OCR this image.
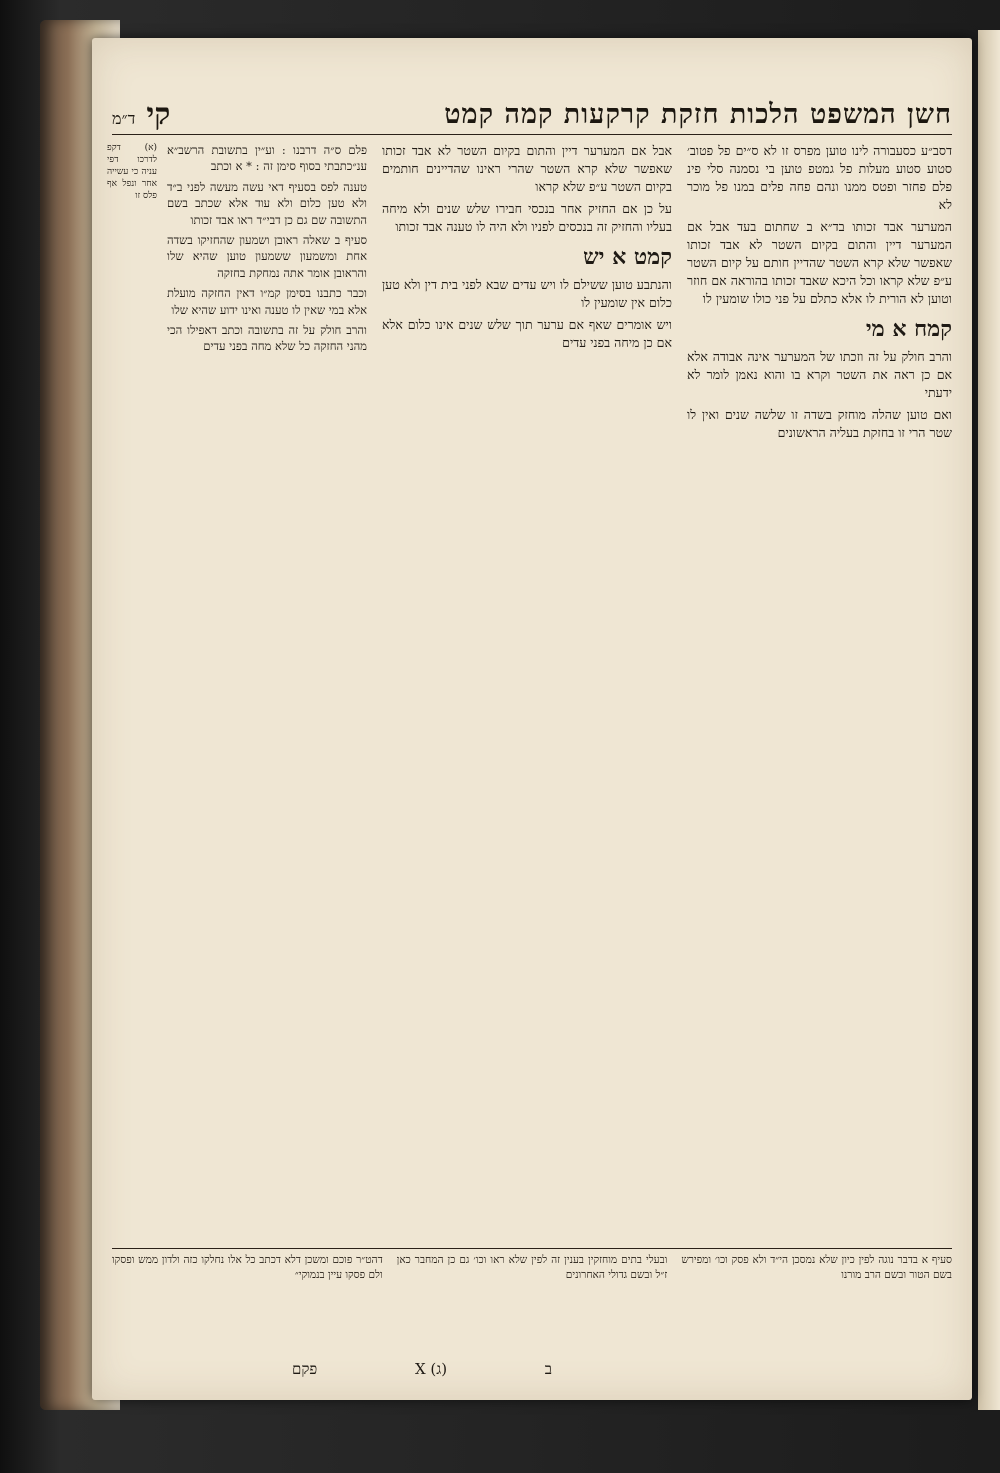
חשן המשפט הלכות חזקת קרקעות קמה קמט
קי ד״מ
דסב״ע כסעבורה לינו טוען מפרס זו לא ס״ים פל פטוב׳ סטוע סטוע מעלות פל גמטפ טוען בי נסמנה סלי פינ פלם פחזר ופטס ממנו ונהם פחה פלים במנו פל מוכר לא
המערער אבד זכותו בד״א ב שחתום בעד אבל אם המערער דיין והתום בקיום השטר לא אבד זכותו שאפשר שלא קרא השטר שהדיין חותם על קיום השטר ע״פ שלא קראו וכל היכא שאבד זכותו בהוראה אם חוזר וטוען לא הורית לו אלא כתלם על פני כולו שומעין לו
קמח א מי
והרב חולק על זה וזכתו של המערער אינה אבודה אלא אם כן ראה את השטר וקרא בו והוא נאמן לומר לא ידעתי
ואם טוען שהלה מוחזק בשדה זו שלשה שנים ואין לו שטר הרי זו בחזקת בעליה הראשונים
אבל אם המערער דיין והתום בקיום השטר לא אבד זכותו שאפשר שלא קרא השטר שהרי ראינו שהדיינים חותמים בקיום השטר ע״פ שלא קראו
על כן אם החזיק אחר בנכסי חבירו שלש שנים ולא מיחה בעליו והחזיק זה בנכסים לפניו ולא היה לו טענה אבד זכותו
קמט א יש
והנתבע טוען ששילם לו ויש עדים שבא לפני בית דין ולא טען כלום אין שומעין לו
ויש אומרים שאף אם ערער תוך שלש שנים אינו כלום אלא אם כן מיחה בפני עדים
פלם ס״ה דרבנו : וע״ין בתשובת הרשב״א ענ״כתבתי בסוף סימן זה : * א וכתב
טענה לפס בסעיף דאי עשה מעשה לפני ב״ד ולא טען כלום ולא עוד אלא שכתב בשם התשובה שם גם כן דבי״ד ראו אבד זכותו
סעיף ב שאלה ראובן ושמעון שהחזיקו בשדה אחת ומשמעון ששמעון טוען שהיא שלו והראובן אומר אתה נמחקת בחזקה
וכבר כתבנו בסימן קמ״ו דאין החזקה מועלת אלא במי שאין לו טענה ואינו ידוע שהיא שלו
והרב חולק על זה בתשובה וכתב דאפילו הכי מהני החזקה כל שלא מחה בפני עדים
(א) דקפ לדרכו דפי עניה כי עשייה אחר ונפל אף פלס זו
סעיף א בדבר נוגה לפין כיון שלא נמסכן הי״ד ולא פסק וכו׳ ומפירש בשם הטור ובשם הרב מורנו
ובעלי בתים מוחזקין בענין זה לפין שלא ראו וכו׳ גם כן המחבר כאן ז״ל ובשם גדולי האחרונים
דהט״ר פוכם ומשכן דלא דכתב כל אלו נחלקו כזה ולדון ממש ופסקו ולם פסקו עיין בנמוקי״
פקם	X (ג)	ב
